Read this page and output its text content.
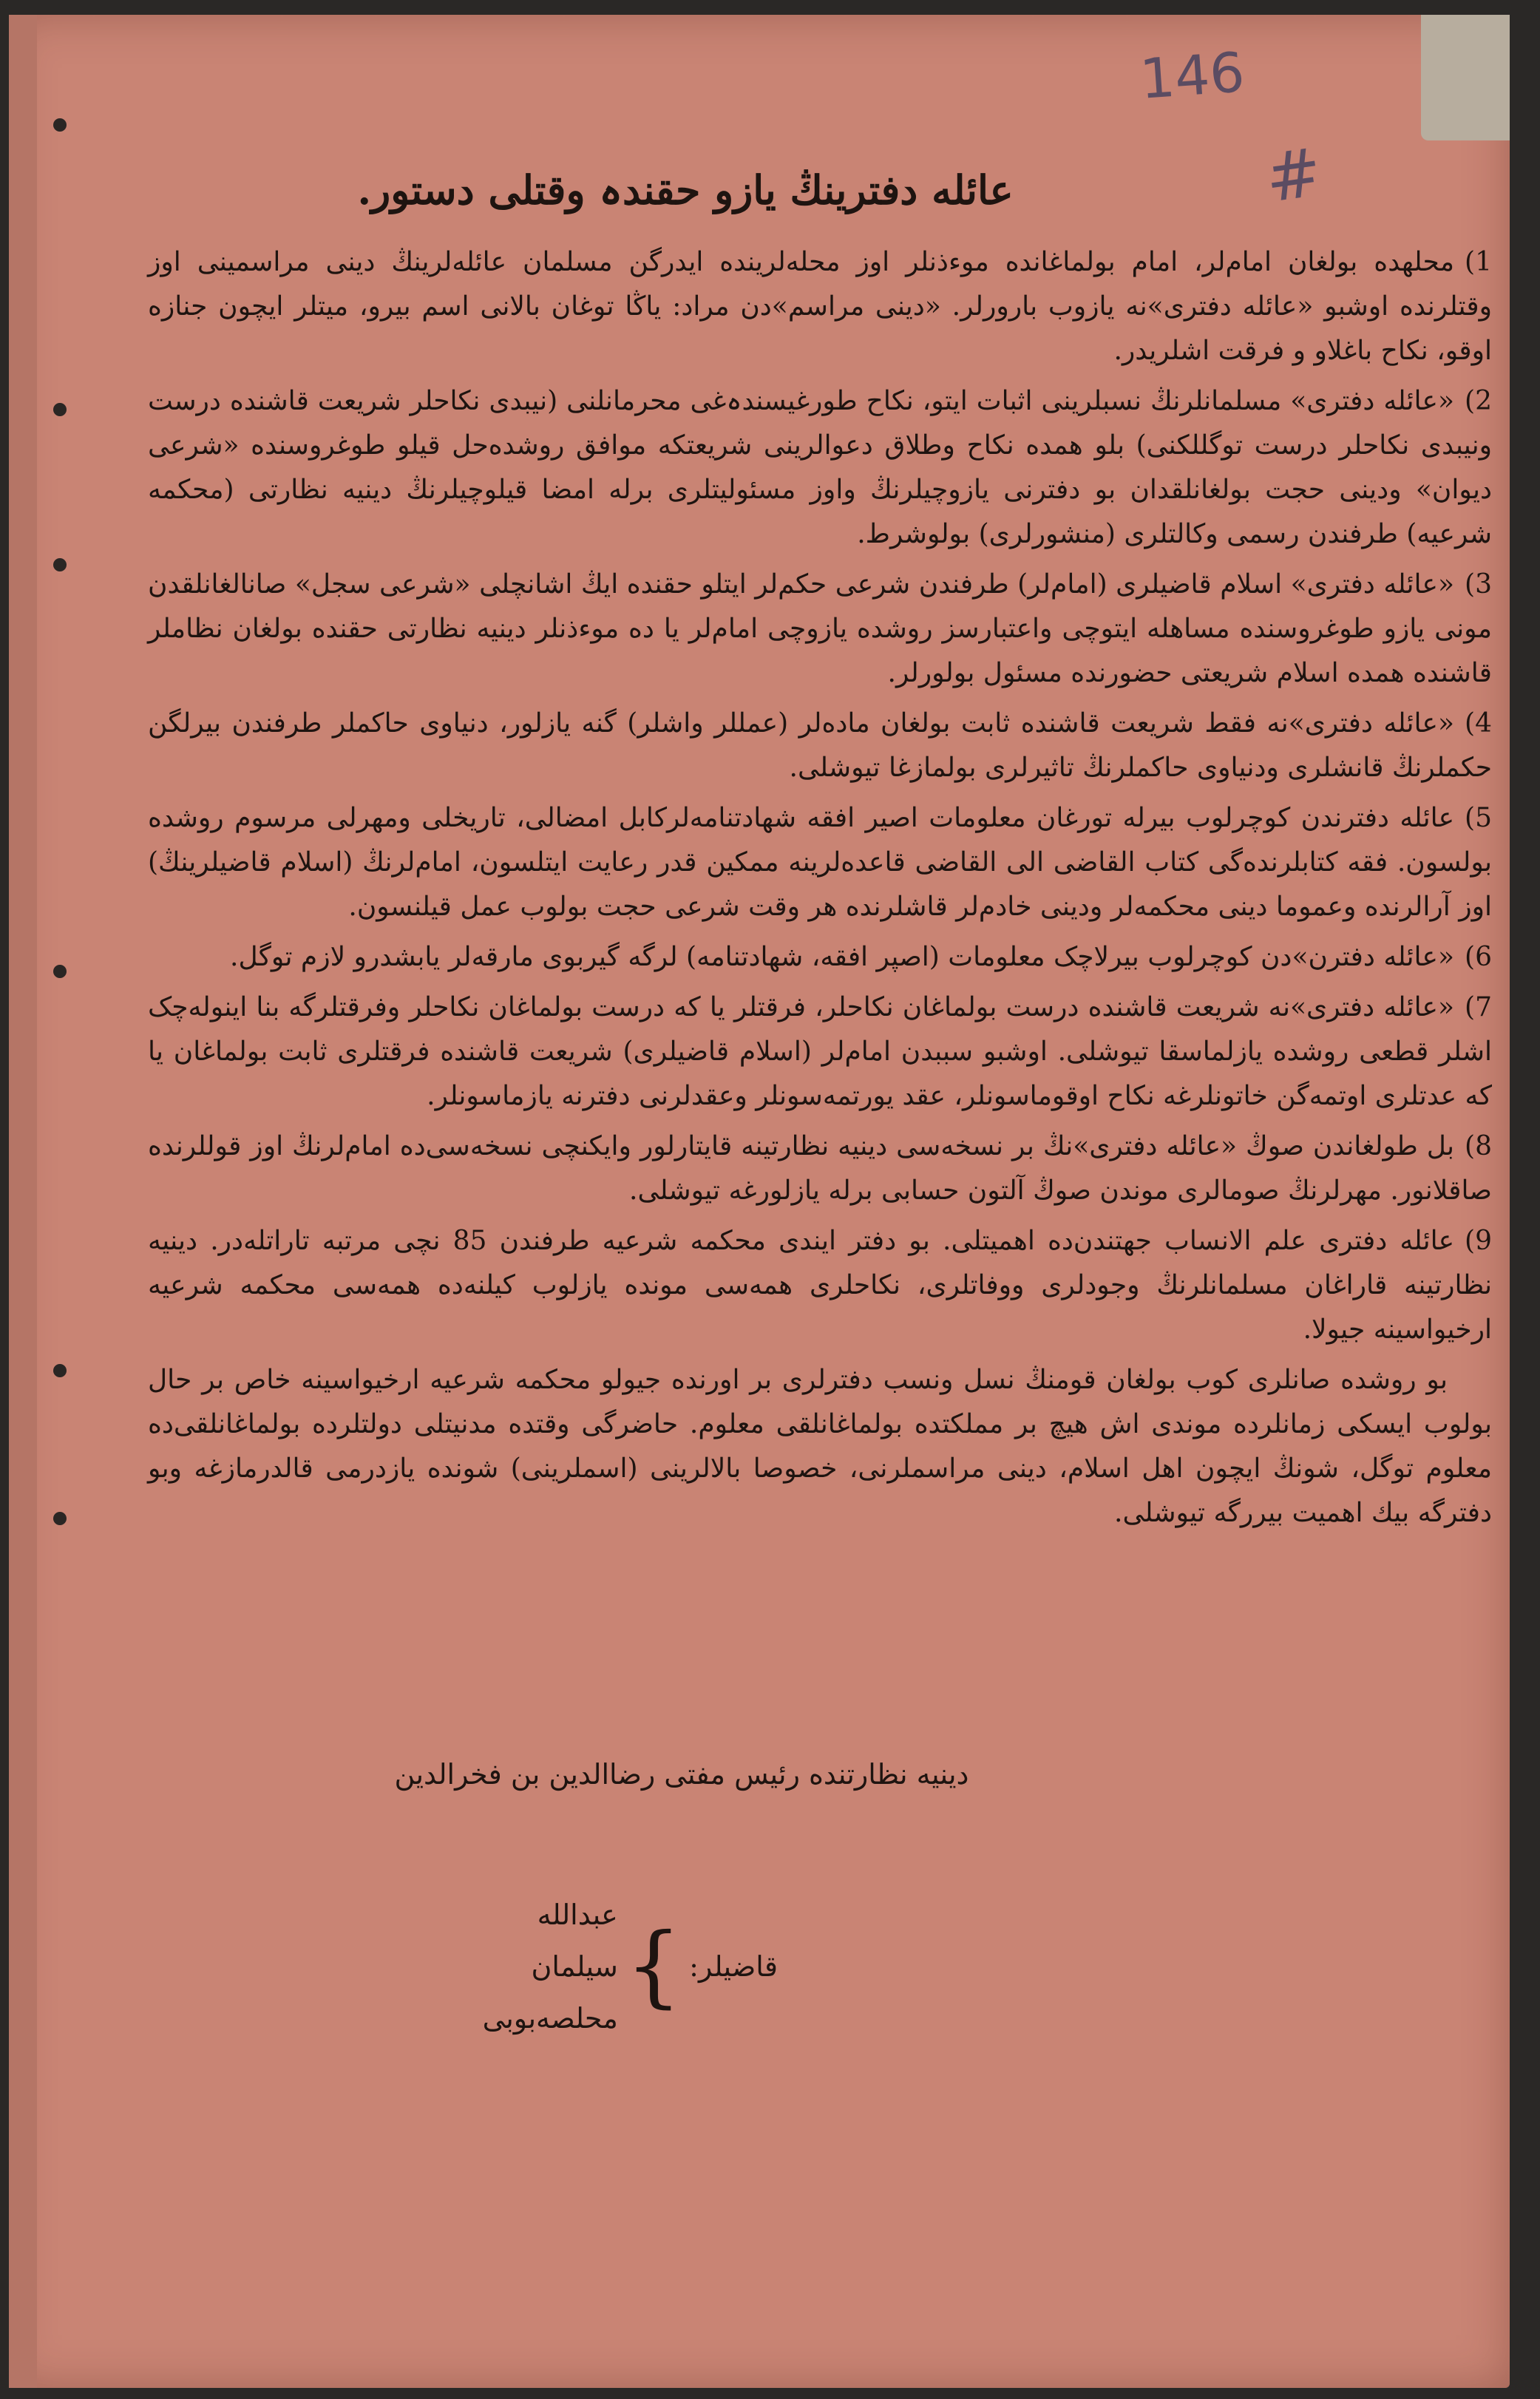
146
#
عائله دفترینڭ یازو حقندہ وقتلی دستور.

1)محلهده بولغان امام‌لر، امام بولماغانده موءذنلر اوز محله‌لرینده ایدرگن مسلمان عائله‌لرینڭ دینی مراسمینی اوز وقتلرنده اوشبو «عائله دفتری»نه یازوب بارورلر. «دینی مراسم»دن مراد: یاڭا توغان بالانی اسم بیرو، میتلر ایچون جنازه اوقو، نکاح باغلاو و فرقت اشلریدر.

2)«عائله دفتری» مسلمانلرنڭ نسبلرینی اثبات ایتو، نکاح طورغیسندہ‌غی محرمانلنی (نیبدی نکاحلر شریعت قاشنده درست ونیبدی نکاحلر درست توگللکنی) بلو همده نکاح وطلاق دعوالرینی شریعتکه موافق روشده‌حل قیلو طوغروسنده «شرعی دیوان» ودینی حجت بولغانلقدان بو دفترنی یازوچیلرنڭ واوز مسئولیتلری برله امضا قیلوچیلرنڭ دینیه نظارتی (محکمه شرعیه) طرفندن رسمی وکالتلری (منشورلری) بولوشرط.

3)«عائله دفتری» اسلام قاضیلری (امام‌لر) طرفندن شرعی حکم‌لر ایتلو حقنده ایڭ اشانچلی «شرعی سجل» صانالغانلقدن مونی یازو طوغروسنده مساهله ایتوچی واعتبارسز روشده یازوچی امام‌لر یا ده موءذنلر دینیه نظارتی حقنده بولغان نظاملر قاشنده همده اسلام شریعتی حضورنده مسئول بولورلر.

4)«عائله دفتری»نه فقط شریعت قاشنده ثابت بولغان ماده‌لر (عمللر واشلر) گنه یازلور، دنیاوی حاکملر طرفندن بیرلگن حکملرنڭ قانشلری ودنیاوی حاکملرنڭ تاثیرلری بولماز‌غا تیوشلی.

5)عائله دفترندن کوچرلوب بیرله تورغان معلومات اصیر افقه شهادتنامه‌لرکابل امضالی، تاریخلی ومهرلی مرسوم روشده بولسون. فقه کتابلرنده‌گی کتاب القاضی الی القاضی قاعده‌لرینه ممکین قدر رعایت ایتلسون، امام‌لرنڭ (اسلام قاضیلرینڭ) اوز آرالرنده وعموما دینی محکمه‌لر ودینی خادم‌لر قاشلرنده هر وقت شرعی حجت بولوب عمل قیلنسون.

6)«عائله دفترن»دن کوچرلوب بیرلاچک معلومات (اصپر افقه، شهادتنامه) لرگه گیربوی مارقه‌لر یابشدرو لازم توگل.

7)«عائله دفتری»نه شریعت قاشنده درست بولماغان نکاحلر، فرقتلر یا که درست بولماغان نکاحلر وفرقتلرگه بنا اینوله‌چک اشلر قطعی روشده یازلماسقا تیوشلی. اوشبو سببدن امام‌لر (اسلام قاضیلری) شریعت قاشنده فرقتلری ثابت بولماغان یا که عدتلری اوتمه‌گن خاتونلرغه نکاح اوقوماسونلر، عقد یورتمه‌سونلر وعقدلرنی دفترنه یازماسونلر.

8)بل طولغاندن صوڭ «عائله دفتری»نڭ بر نسخه‌سی دینیه نظارتینه قایتارلور وایکنچی نسخه‌سی‌ده امام‌لرنڭ اوز قوللرنده صاقلانور. مهرلرنڭ صومالری موندن صوڭ آلتون حسابی برله یازلورغه تیوشلی.

9)عائله دفتری علم الانساب جهتندن‌ده اهمیتلی. بو دفتر ایندی محکمه شرعیه طرفندن 85 نچی مرتبه تاراتله‌در. دینیه نظارتینه قاراغان مسلمانلرنڭ وجودلری ووفاتلری، نکاحلری همه‌سی مونده یازلوب کیلنه‌ده همه‌سی محکمه شرعیه ارخیواسینه جیولا.

بو روشده صانلری کوب بولغان قومنڭ نسل ونسب دفترلری بر اورنده جیولو محکمه شرعیه ارخیواسینه خاص بر حال بولوب ایسکی زمانلرده موندی اش هیچ بر مملکتده بولماغانلقی معلوم. حاضرگی وقتده مدنیتلی دولتلرده بولماغانلقی‌ده معلوم توگل، شونڭ ایچون اهل اسلام، دینی مراسملرنی، خصوصا بالالرینی (اسملرینی) شونده یازدرمی قالدرمازغه وبو دفترگه بیك اهمیت بیررگه تیوشلی.

دینیه نظارتنده رئیس مفتی رضاالدین بن فخرالدین
قاضیلر:
}
عبدالله سیلمان
محلصه‌بوبی
